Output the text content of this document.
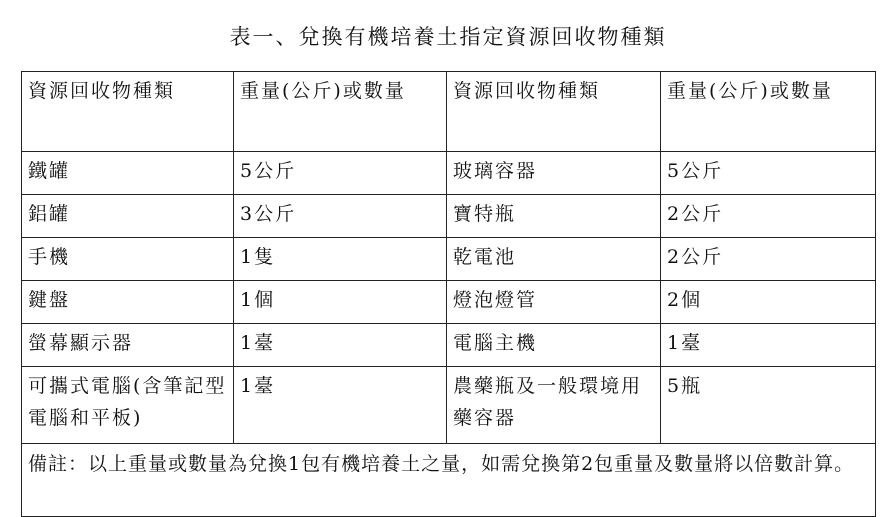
表一、兌換有機培養土指定資源回收物種類
資源回收物種類	重量(公斤)或數量	資源回收物種類	重量(公斤)或數量
鐵罐	5公斤	玻璃容器	5公斤
鋁罐	3公斤	寶特瓶	2公斤
手機	1隻	乾電池	2公斤
鍵盤	1個	燈泡燈管	2個
螢幕顯示器	1臺	電腦主機	1臺
可攜式電腦(含筆記型電腦和平板)	1臺	農藥瓶及一般環境用藥容器	5瓶
備註：以上重量或數量為兌換1包有機培養土之量，如需兌換第2包重量及數量將以倍數計算。			
